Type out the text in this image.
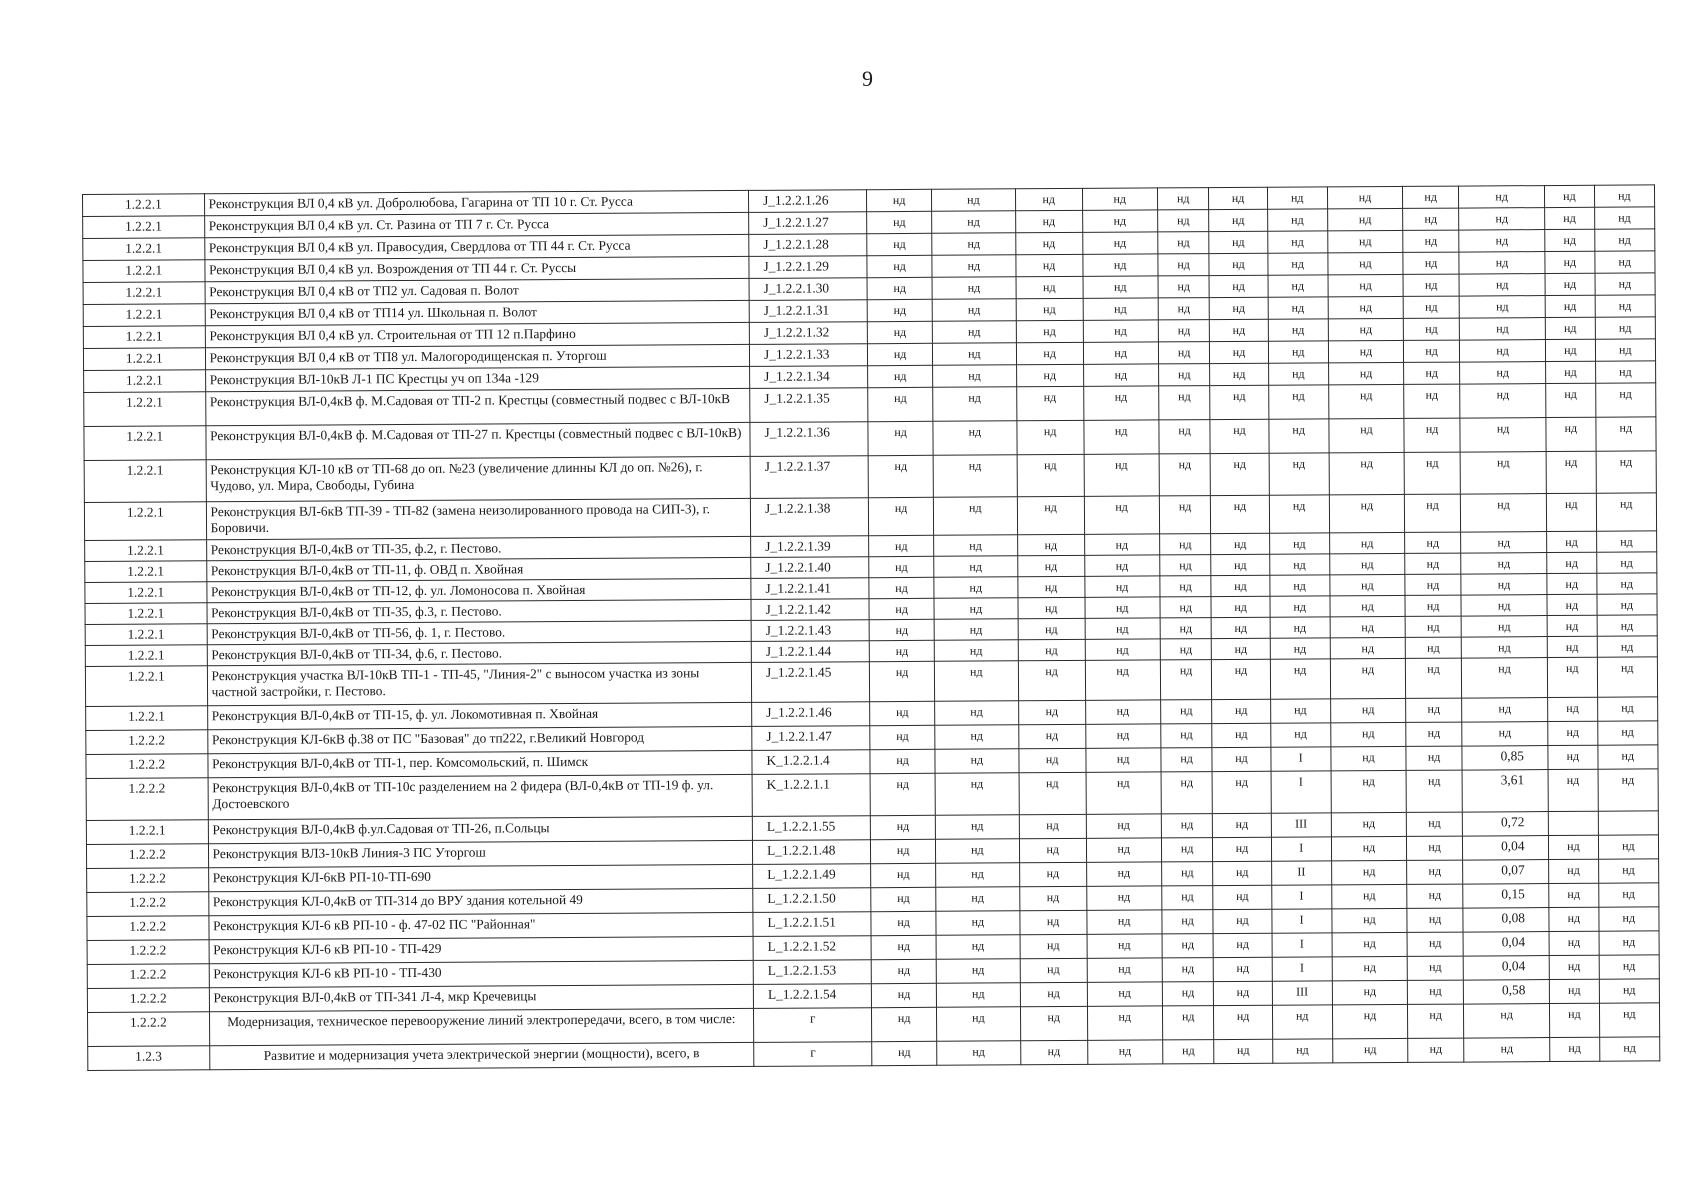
9
1.2.2.1	Реконструкция ВЛ 0,4 кВ ул. Добролюбова, Гагарина от ТП 10 г. Ст. Русса	J_1.2.2.1.26	нд	нд	нд	нд	нд	нд	нд	нд	нд	нд	нд	нд
1.2.2.1	Реконструкция ВЛ 0,4 кВ ул. Ст. Разина от ТП 7 г. Ст. Русса	J_1.2.2.1.27	нд	нд	нд	нд	нд	нд	нд	нд	нд	нд	нд	нд
1.2.2.1	Реконструкция ВЛ 0,4 кВ ул. Правосудия, Свердлова от ТП 44 г. Ст. Русса	J_1.2.2.1.28	нд	нд	нд	нд	нд	нд	нд	нд	нд	нд	нд	нд
1.2.2.1	Реконструкция ВЛ 0,4 кВ ул. Возрождения от ТП 44 г. Ст. Руссы	J_1.2.2.1.29	нд	нд	нд	нд	нд	нд	нд	нд	нд	нд	нд	нд
1.2.2.1	Реконструкция ВЛ 0,4 кВ от ТП2 ул. Садовая п. Волот	J_1.2.2.1.30	нд	нд	нд	нд	нд	нд	нд	нд	нд	нд	нд	нд
1.2.2.1	Реконструкция ВЛ 0,4 кВ от ТП14 ул. Школьная п. Волот	J_1.2.2.1.31	нд	нд	нд	нд	нд	нд	нд	нд	нд	нд	нд	нд
1.2.2.1	Реконструкция ВЛ 0,4 кВ ул. Строительная от ТП 12 п.Парфино	J_1.2.2.1.32	нд	нд	нд	нд	нд	нд	нд	нд	нд	нд	нд	нд
1.2.2.1	Реконструкция ВЛ 0,4 кВ от ТП8 ул. Малогородищенская п. Уторгош	J_1.2.2.1.33	нд	нд	нд	нд	нд	нд	нд	нд	нд	нд	нд	нд
1.2.2.1	Реконструкция ВЛ-10кВ Л-1 ПС Крестцы уч оп 134а -129	J_1.2.2.1.34	нд	нд	нд	нд	нд	нд	нд	нд	нд	нд	нд	нд
1.2.2.1	Реконструкция ВЛ-0,4кВ ф. М.Садовая от ТП-2 п. Крестцы (совместный подвес с ВЛ-10кВ	J_1.2.2.1.35	нд	нд	нд	нд	нд	нд	нд	нд	нд	нд	нд	нд
1.2.2.1	Реконструкция ВЛ-0,4кВ ф. М.Садовая от ТП-27 п. Крестцы (совместный подвес с ВЛ-10кВ)	J_1.2.2.1.36	нд	нд	нд	нд	нд	нд	нд	нд	нд	нд	нд	нд
1.2.2.1	Реконструкция КЛ-10 кВ от ТП-68 до оп. №23 (увеличение длинны КЛ до оп. №26), г. Чудово, ул. Мира, Свободы, Губина	J_1.2.2.1.37	нд	нд	нд	нд	нд	нд	нд	нд	нд	нд	нд	нд
1.2.2.1	Реконструкция ВЛ-6кВ ТП-39 - ТП-82 (замена неизолированного провода на СИП-3), г. Боровичи.	J_1.2.2.1.38	нд	нд	нд	нд	нд	нд	нд	нд	нд	нд	нд	нд
1.2.2.1	Реконструкция ВЛ-0,4кВ от ТП-35, ф.2, г. Пестово.	J_1.2.2.1.39	нд	нд	нд	нд	нд	нд	нд	нд	нд	нд	нд	нд
1.2.2.1	Реконструкция ВЛ-0,4кВ от ТП-11, ф. ОВД п. Хвойная	J_1.2.2.1.40	нд	нд	нд	нд	нд	нд	нд	нд	нд	нд	нд	нд
1.2.2.1	Реконструкция ВЛ-0,4кВ от ТП-12, ф. ул. Ломоносова п. Хвойная	J_1.2.2.1.41	нд	нд	нд	нд	нд	нд	нд	нд	нд	нд	нд	нд
1.2.2.1	Реконструкция ВЛ-0,4кВ от ТП-35, ф.3, г. Пестово.	J_1.2.2.1.42	нд	нд	нд	нд	нд	нд	нд	нд	нд	нд	нд	нд
1.2.2.1	Реконструкция ВЛ-0,4кВ от ТП-56, ф. 1, г. Пестово.	J_1.2.2.1.43	нд	нд	нд	нд	нд	нд	нд	нд	нд	нд	нд	нд
1.2.2.1	Реконструкция ВЛ-0,4кВ от ТП-34, ф.6, г. Пестово.	J_1.2.2.1.44	нд	нд	нд	нд	нд	нд	нд	нд	нд	нд	нд	нд
1.2.2.1	Реконструкция участка ВЛ-10кВ ТП-1 - ТП-45, "Линия-2" с выносом участка из зоны частной застройки, г. Пестово.	J_1.2.2.1.45	нд	нд	нд	нд	нд	нд	нд	нд	нд	нд	нд	нд
1.2.2.1	Реконструкция ВЛ-0,4кВ от ТП-15, ф. ул. Локомотивная п. Хвойная	J_1.2.2.1.46	нд	нд	нд	нд	нд	нд	нд	нд	нд	нд	нд	нд
1.2.2.2	Реконструкция КЛ-6кВ ф.38 от ПС "Базовая" до тп222, г.Великий Новгород	J_1.2.2.1.47	нд	нд	нд	нд	нд	нд	нд	нд	нд	нд	нд	нд
1.2.2.2	Реконструкция ВЛ-0,4кВ от ТП-1, пер. Комсомольский, п. Шимск	K_1.2.2.1.4	нд	нд	нд	нд	нд	нд	I	нд	нд	0,85	нд	нд
1.2.2.2	Реконструкция ВЛ-0,4кВ от ТП-10с разделением на 2 фидера (ВЛ-0,4кВ от ТП-19 ф. ул. Достоевского	K_1.2.2.1.1	нд	нд	нд	нд	нд	нд	I	нд	нд	3,61	нд	нд
1.2.2.1	Реконструкция ВЛ-0,4кВ ф.ул.Садовая от ТП-26, п.Сольцы	L_1.2.2.1.55	нд	нд	нд	нд	нд	нд	III	нд	нд	0,72		
1.2.2.2	Реконструкция ВЛЗ-10кВ Линия-3 ПС Уторгош	L_1.2.2.1.48	нд	нд	нд	нд	нд	нд	I	нд	нд	0,04	нд	нд
1.2.2.2	Реконструкция КЛ-6кВ РП-10-ТП-690	L_1.2.2.1.49	нд	нд	нд	нд	нд	нд	II	нд	нд	0,07	нд	нд
1.2.2.2	Реконструкция КЛ-0,4кВ от ТП-314 до ВРУ здания котельной 49	L_1.2.2.1.50	нд	нд	нд	нд	нд	нд	I	нд	нд	0,15	нд	нд
1.2.2.2	Реконструкция КЛ-6 кВ РП-10 - ф. 47-02 ПС "Районная"	L_1.2.2.1.51	нд	нд	нд	нд	нд	нд	I	нд	нд	0,08	нд	нд
1.2.2.2	Реконструкция КЛ-6 кВ РП-10 - ТП-429	L_1.2.2.1.52	нд	нд	нд	нд	нд	нд	I	нд	нд	0,04	нд	нд
1.2.2.2	Реконструкция КЛ-6 кВ РП-10 - ТП-430	L_1.2.2.1.53	нд	нд	нд	нд	нд	нд	I	нд	нд	0,04	нд	нд
1.2.2.2	Реконструкция ВЛ-0,4кВ от ТП-341 Л-4, мкр Кречевицы	L_1.2.2.1.54	нд	нд	нд	нд	нд	нд	III	нд	нд	0,58	нд	нд
1.2.2.2	Модернизация, техническое перевооружение линий электропередачи, всего, в том числе:	г	нд	нд	нд	нд	нд	нд	нд	нд	нд	нд	нд	нд
1.2.3	Развитие и модернизация учета электрической энергии (мощности), всего, в	г	нд	нд	нд	нд	нд	нд	нд	нд	нд	нд	нд	нд
